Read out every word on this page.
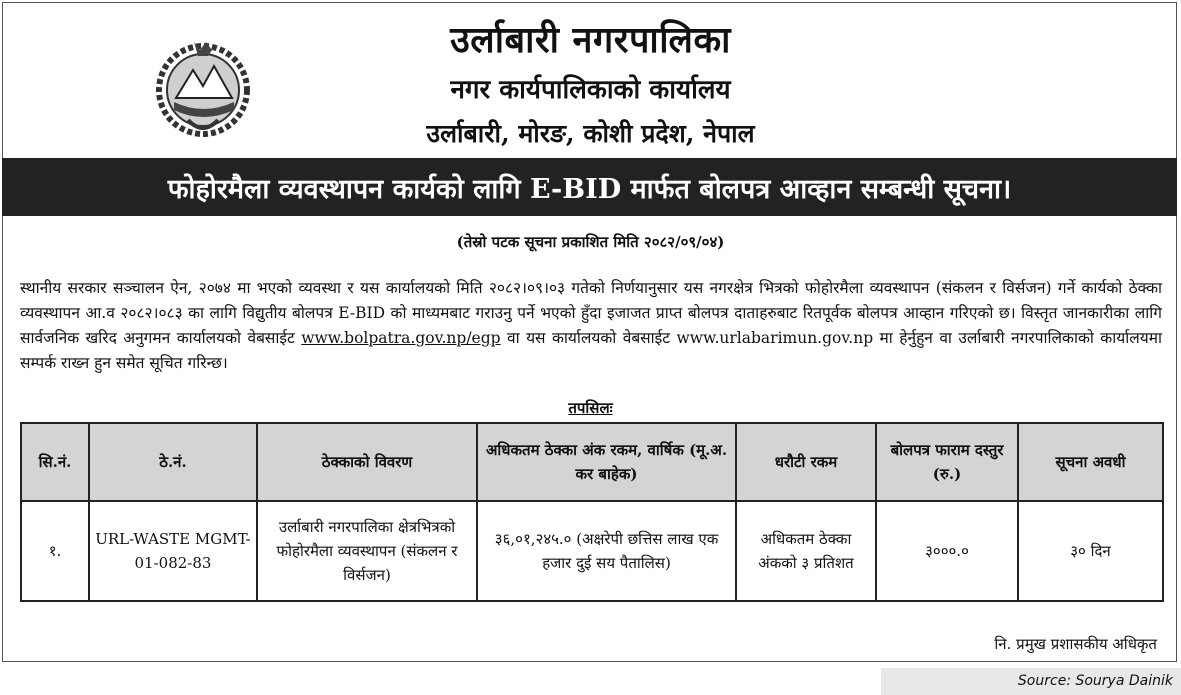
उर्लाबारी नगरपालिका
नगर कार्यपालिकाको कार्यालय
उर्लाबारी, मोरङ, कोशी प्रदेश, नेपाल
फोहोरमैला व्यवस्थापन कार्यको लागि E-BID मार्फत बोलपत्र आव्हान सम्बन्धी सूचना।
(तेस्रो पटक सूचना प्रकाशित मिति २०८२/०९/०४)
स्थानीय सरकार सञ्चालन ऐन, २०७४ मा भएको व्यवस्था र यस कार्यालयको मिति २०८२।०९।०३ गतेको निर्णयानुसार यस नगरक्षेत्र भित्रको फोहोरमैला व्यवस्थापन (संकलन र विर्सजन) गर्ने कार्यको ठेक्का व्यवस्थापन आ.व २०८२।०८३ का लागि विद्युतीय बोलपत्र E-BID को माध्यमबाट गराउनु पर्ने भएको हुँदा इजाजत प्राप्त बोलपत्र दाताहरुबाट रितपूर्वक बोलपत्र आव्हान गरिएको छ। विस्तृत जानकारीका लागि सार्वजनिक खरिद अनुगमन कार्यालयको वेबसाईट www.bolpatra.gov.np/egp वा यस कार्यालयको वेबसाईट www.urlabarimun.gov.np मा हेर्नुहुन वा उर्लाबारी नगरपालिकाको कार्यालयमा सम्पर्क राख्न हुन समेत सूचित गरिन्छ।
तपसिलः
सि.नं.	ठे.नं.	ठेक्काको विवरण	अधिकतम ठेक्का अंक रकम, वार्षिक (मू.अ. कर बाहेक)	धरौटी रकम	बोलपत्र फाराम दस्तुर (रु.)	सूचना अवधी
१.	URL-WASTE MGMT-01-082-83	उर्लाबारी नगरपालिका क्षेत्रभित्रको फोहोरमैला व्यवस्थापन (संकलन र विर्सजन)	३६,०१,२४५.० (अक्षरेपी छत्तिस लाख एक हजार दुई सय पैतालिस)	अधिकतम ठेक्का अंकको ३ प्रतिशत	३०००.०	३० दिन
नि. प्रमुख प्रशासकीय अधिकृत
Source: Sourya Dainik
